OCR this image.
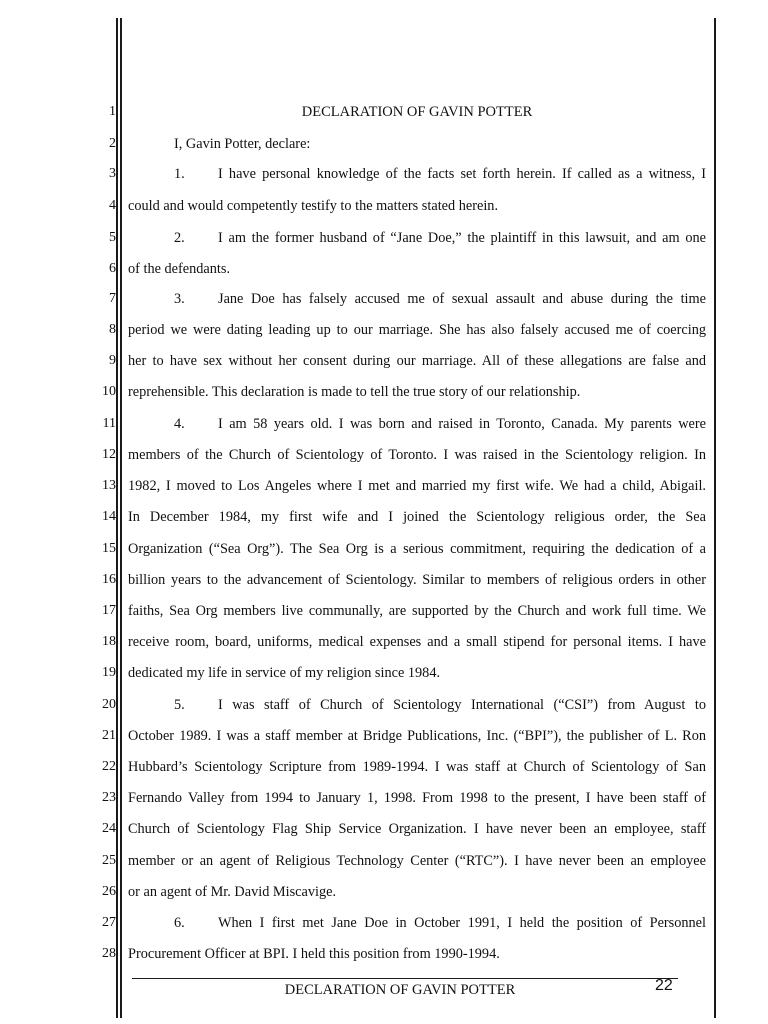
1
2
3
4
5
6
7
8
9
10
11
12
13
14
15
16
17
18
19
20
21
22
23
24
25
26
27
28
DECLARATION OF GAVIN POTTER
I, Gavin Potter, declare:
1. I have personal knowledge of the facts set forth herein. If called as a witness, I
could and would competently testify to the matters stated herein.
2. I am the former husband of “Jane Doe,” the plaintiff in this lawsuit, and am one
of the defendants.
3. Jane Doe has falsely accused me of sexual assault and abuse during the time
period we were dating leading up to our marriage. She has also falsely accused me of coercing
her to have sex without her consent during our marriage. All of these allegations are false and
reprehensible. This declaration is made to tell the true story of our relationship.
4. I am 58 years old. I was born and raised in Toronto, Canada. My parents were
members of the Church of Scientology of Toronto. I was raised in the Scientology religion. In
1982, I moved to Los Angeles where I met and married my first wife. We had a child, Abigail.
In December 1984, my first wife and I joined the Scientology religious order, the Sea
Organization (“Sea Org”). The Sea Org is a serious commitment, requiring the dedication of a
billion years to the advancement of Scientology. Similar to members of religious orders in other
faiths, Sea Org members live communally, are supported by the Church and work full time. We
receive room, board, uniforms, medical expenses and a small stipend for personal items. I have
dedicated my life in service of my religion since 1984.
5. I was staff of Church of Scientology International (“CSI”) from August to
October 1989. I was a staff member at Bridge Publications, Inc. (“BPI”), the publisher of L. Ron
Hubbard’s Scientology Scripture from 1989-1994. I was staff at Church of Scientology of San
Fernando Valley from 1994 to January 1, 1998. From 1998 to the present, I have been staff of
Church of Scientology Flag Ship Service Organization. I have never been an employee, staff
member or an agent of Religious Technology Center (“RTC”). I have never been an employee
or an agent of Mr. David Miscavige.
6. When I first met Jane Doe in October 1991, I held the position of Personnel
Procurement Officer at BPI. I held this position from 1990-1994.
DECLARATION OF GAVIN POTTER	22
